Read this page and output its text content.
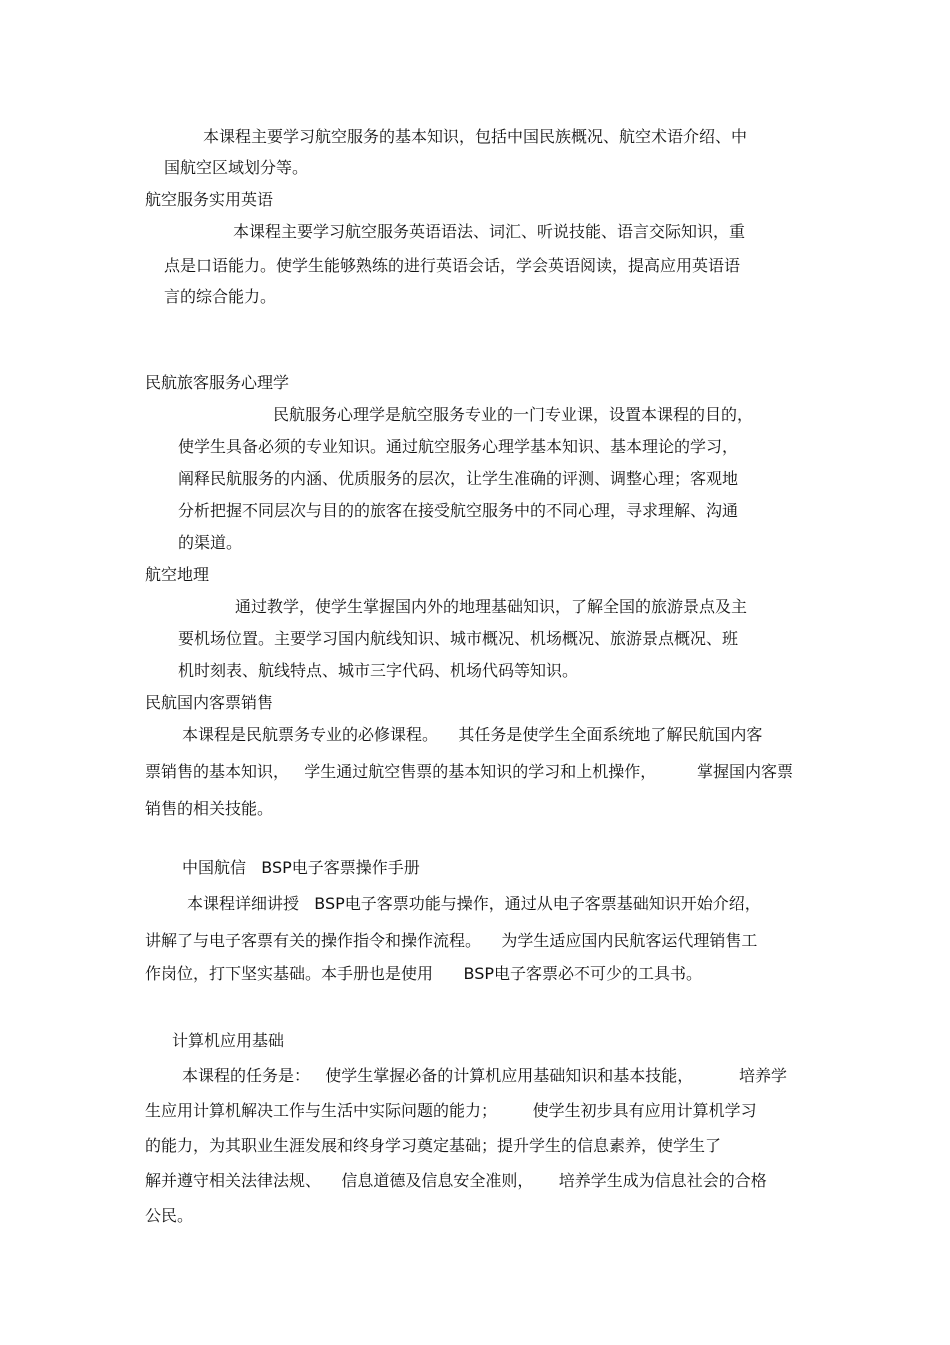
本课程主要学习航空服务的基本知识，包括中国民族概况、航空术语介绍、中

国航空区域划分等。

航空服务实用英语

本课程主要学习航空服务英语语法、词汇、听说技能、语言交际知识，重

点是口语能力。使学生能够熟练的进行英语会话，学会英语阅读，提高应用英语语

言的综合能力。

民航旅客服务心理学

民航服务心理学是航空服务专业的一门专业课，设置本课程的目的，

使学生具备必须的专业知识。通过航空服务心理学基本知识、基本理论的学习，

阐释民航服务的内涵、优质服务的层次，让学生准确的评测、调整心理；客观地

分析把握不同层次与目的的旅客在接受航空服务中的不同心理，寻求理解、沟通

的渠道。

航空地理

通过教学，使学生掌握国内外的地理基础知识，了解全国的旅游景点及主

要机场位置。主要学习国内航线知识、城市概况、机场概况、旅游景点概况、班

机时刻表、航线特点、城市三字代码、机场代码等知识。

民航国内客票销售

本课程是民航票务专业的必修课程。    其任务是使学生全面系统地了解民航国内客

票销售的基本知识，   学生通过航空售票的基本知识的学习和上机操作，        掌握国内客票

销售的相关技能。

中国航信   BSP电子客票操作手册

本课程详细讲授   BSP电子客票功能与操作，通过从电子客票基础知识开始介绍，

讲解了与电子客票有关的操作指令和操作流程。    为学生适应国内民航客运代理销售工

作岗位，打下坚实基础。本手册也是使用      BSP电子客票必不可少的工具书。

计算机应用基础

本课程的任务是：   使学生掌握必备的计算机应用基础知识和基本技能，         培养学

生应用计算机解决工作与生活中实际问题的能力；       使学生初步具有应用计算机学习

的能力，为其职业生涯发展和终身学习奠定基础；提升学生的信息素养，使学生了

解并遵守相关法律法规、    信息道德及信息安全准则，     培养学生成为信息社会的合格

公民。
